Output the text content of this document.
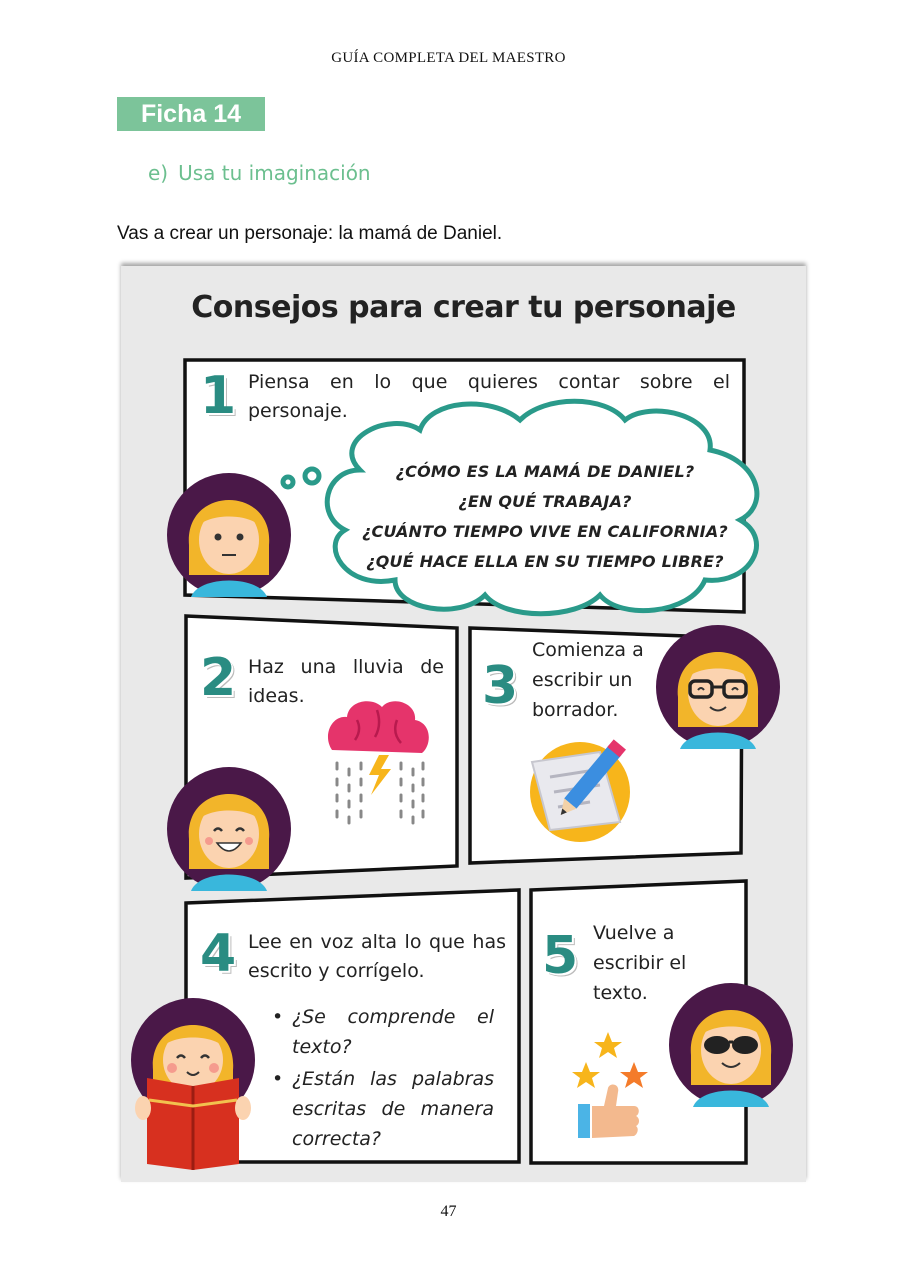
GUÍA COMPLETA DEL MAESTRO
Ficha 14
e) Usa tu imaginación
Vas a crear un personaje: la mamá de Daniel.
Consejos para crear tu personaje
1 Piensa en lo que quieres contar sobre el personaje.
¿CÓMO ES LA MAMÁ DE DANIEL?
¿EN QUÉ TRABAJA?
¿CUÁNTO TIEMPO VIVE EN CALIFORNIA?
¿QUÉ HACE ELLA EN SU TIEMPO LIBRE?
2 Haz una lluvia de ideas.	3
Comienza a escribir un borrador.
4 Lee en voz alta lo que has escrito y corrígelo.
• ¿Se comprende el texto?
• ¿Están las palabras escritas de manera correcta?
5 Vuelve a escribir el texto.
47
